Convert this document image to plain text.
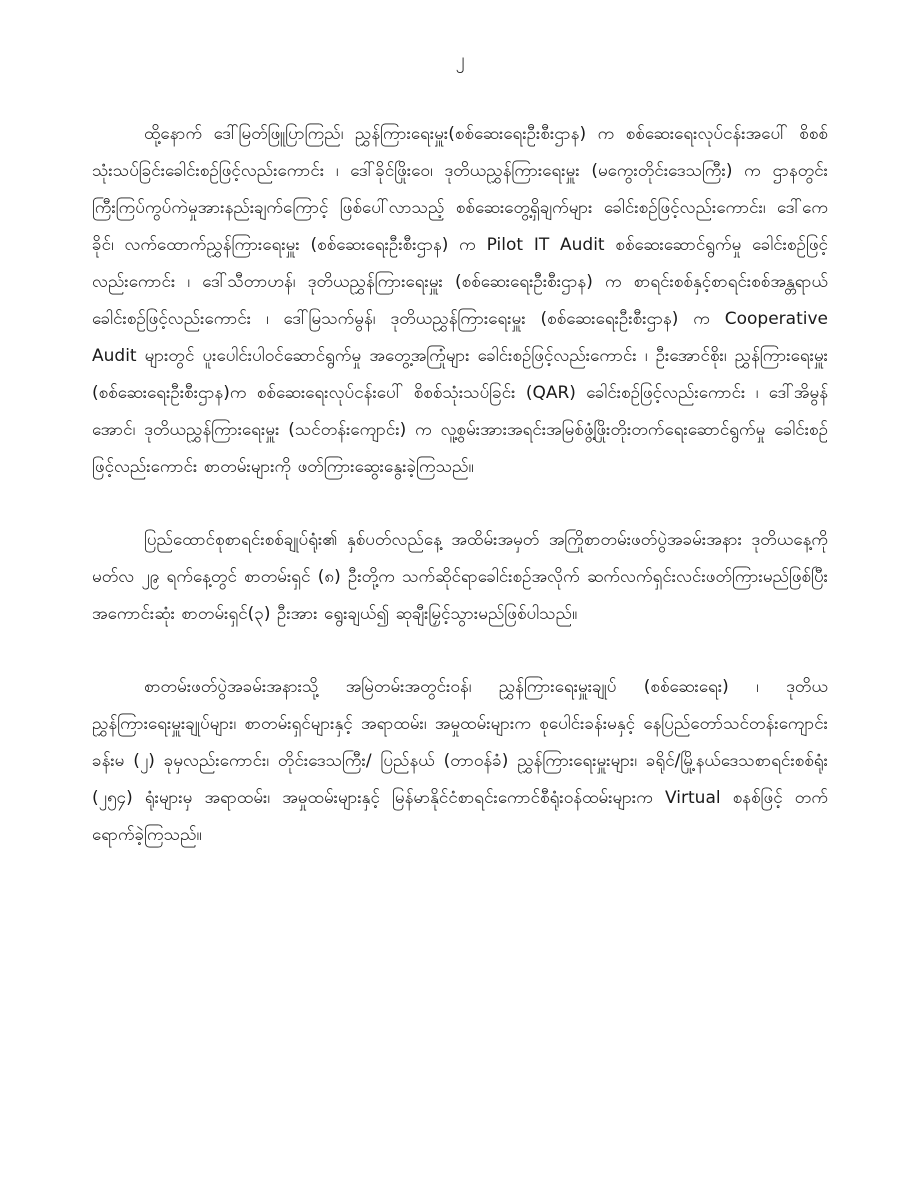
၂

ထို့နောက် ဒေါ်မြတ်ဖြူပြာကြည်၊ ညွှန်ကြားရေးမှူး(စစ်ဆေးရေးဦးစီးဌာန) က စစ်ဆေးရေးလုပ်ငန်းအပေါ် စိစစ်သုံးသပ်ခြင်းခေါင်းစဉ်ဖြင့်လည်းကောင်း ၊ ဒေါ်ခိုင်ဖြိုးဝေ၊ ဒုတိယညွှန်ကြားရေးမှူး (မကွေးတိုင်းဒေသကြီး) က ဌာနတွင်းကြီးကြပ်ကွပ်ကဲမှုအားနည်းချက်ကြောင့် ဖြစ်ပေါ်လာသည့် စစ်ဆေးတွေ့ရှိချက်များ ခေါင်းစဉ်ဖြင့်လည်းကောင်း၊ ဒေါ်ကေခိုင်၊ လက်ထောက်ညွှန်ကြားရေးမှူး (စစ်ဆေးရေးဦးစီးဌာန) က Pilot IT Audit စစ်ဆေးဆောင်ရွက်မှု ခေါင်းစဉ်ဖြင့်လည်းကောင်း ၊ ဒေါ်သီတာဟန်၊ ဒုတိယညွှန်ကြားရေးမှူး (စစ်ဆေးရေးဦးစီးဌာန) က စာရင်းစစ်နှင့်စာရင်းစစ်အန္တရာယ် ခေါင်းစဉ်ဖြင့်လည်းကောင်း ၊ ဒေါ်မြသက်မွန်၊ ဒုတိယညွှန်ကြားရေးမှူး (စစ်ဆေးရေးဦးစီးဌာန) က Cooperative Audit များတွင် ပူးပေါင်းပါဝင်ဆောင်ရွက်မှု အတွေ့အကြုံများ ခေါင်းစဉ်ဖြင့်လည်းကောင်း ၊ ဦးအောင်စိုး၊ ညွှန်ကြားရေးမှူး (စစ်ဆေးရေးဦးစီးဌာန)က စစ်ဆေးရေးလုပ်ငန်းပေါ် စိစစ်သုံးသပ်ခြင်း (QAR) ခေါင်းစဉ်ဖြင့်လည်းကောင်း ၊ ဒေါ်အိမွန်အောင်၊ ဒုတိယညွှန်ကြားရေးမှူး (သင်တန်းကျောင်း) က လူ့စွမ်းအားအရင်းအမြစ်ဖွံ့ဖြိုးတိုးတက်ရေးဆောင်ရွက်မှု ခေါင်းစဉ်ဖြင့်လည်းကောင်း စာတမ်းများကို ဖတ်ကြားဆွေးနွေးခဲ့ကြသည်။

ပြည်ထောင်စုစာရင်းစစ်ချုပ်ရုံး၏ နှစ်ပတ်လည်နေ့ အထိမ်းအမှတ် အကြိုစာတမ်းဖတ်ပွဲအခမ်းအနား ဒုတိယနေ့ကို မတ်လ ၂၉ ရက်နေ့တွင် စာတမ်းရှင် (၈) ဦးတို့က သက်ဆိုင်ရာခေါင်းစဉ်အလိုက် ဆက်လက်ရှင်းလင်းဖတ်ကြားမည်ဖြစ်ပြီး အကောင်းဆုံး စာတမ်းရှင်(၃) ဦးအား ရွေးချယ်၍ ဆုချီးမြှင့်သွားမည်ဖြစ်ပါသည်။

စာတမ်းဖတ်ပွဲအခမ်းအနားသို့ အမြဲတမ်းအတွင်းဝန်၊ ညွှန်ကြားရေးမှူးချုပ် (စစ်ဆေးရေး) ၊ ဒုတိယညွှန်ကြားရေးမှူးချုပ်များ၊ စာတမ်းရှင်များနှင့် အရာထမ်း၊ အမှုထမ်းများက စုပေါင်းခန်းမနှင့် နေပြည်တော်သင်တန်းကျောင်းခန်းမ (၂) ခုမှလည်းကောင်း၊ တိုင်းဒေသကြီး/ ပြည်နယ် (တာဝန်ခံ) ညွှန်ကြားရေးမှူးများ၊ ခရိုင်/မြို့နယ်ဒေသစာရင်းစစ်ရုံး (၂၅၄) ရုံးများမှ အရာထမ်း၊ အမှုထမ်းများနှင့် မြန်မာနိုင်ငံစာရင်းကောင်စီရုံးဝန်ထမ်းများက Virtual စနစ်ဖြင့် တက်ရောက်ခဲ့ကြသည်။
